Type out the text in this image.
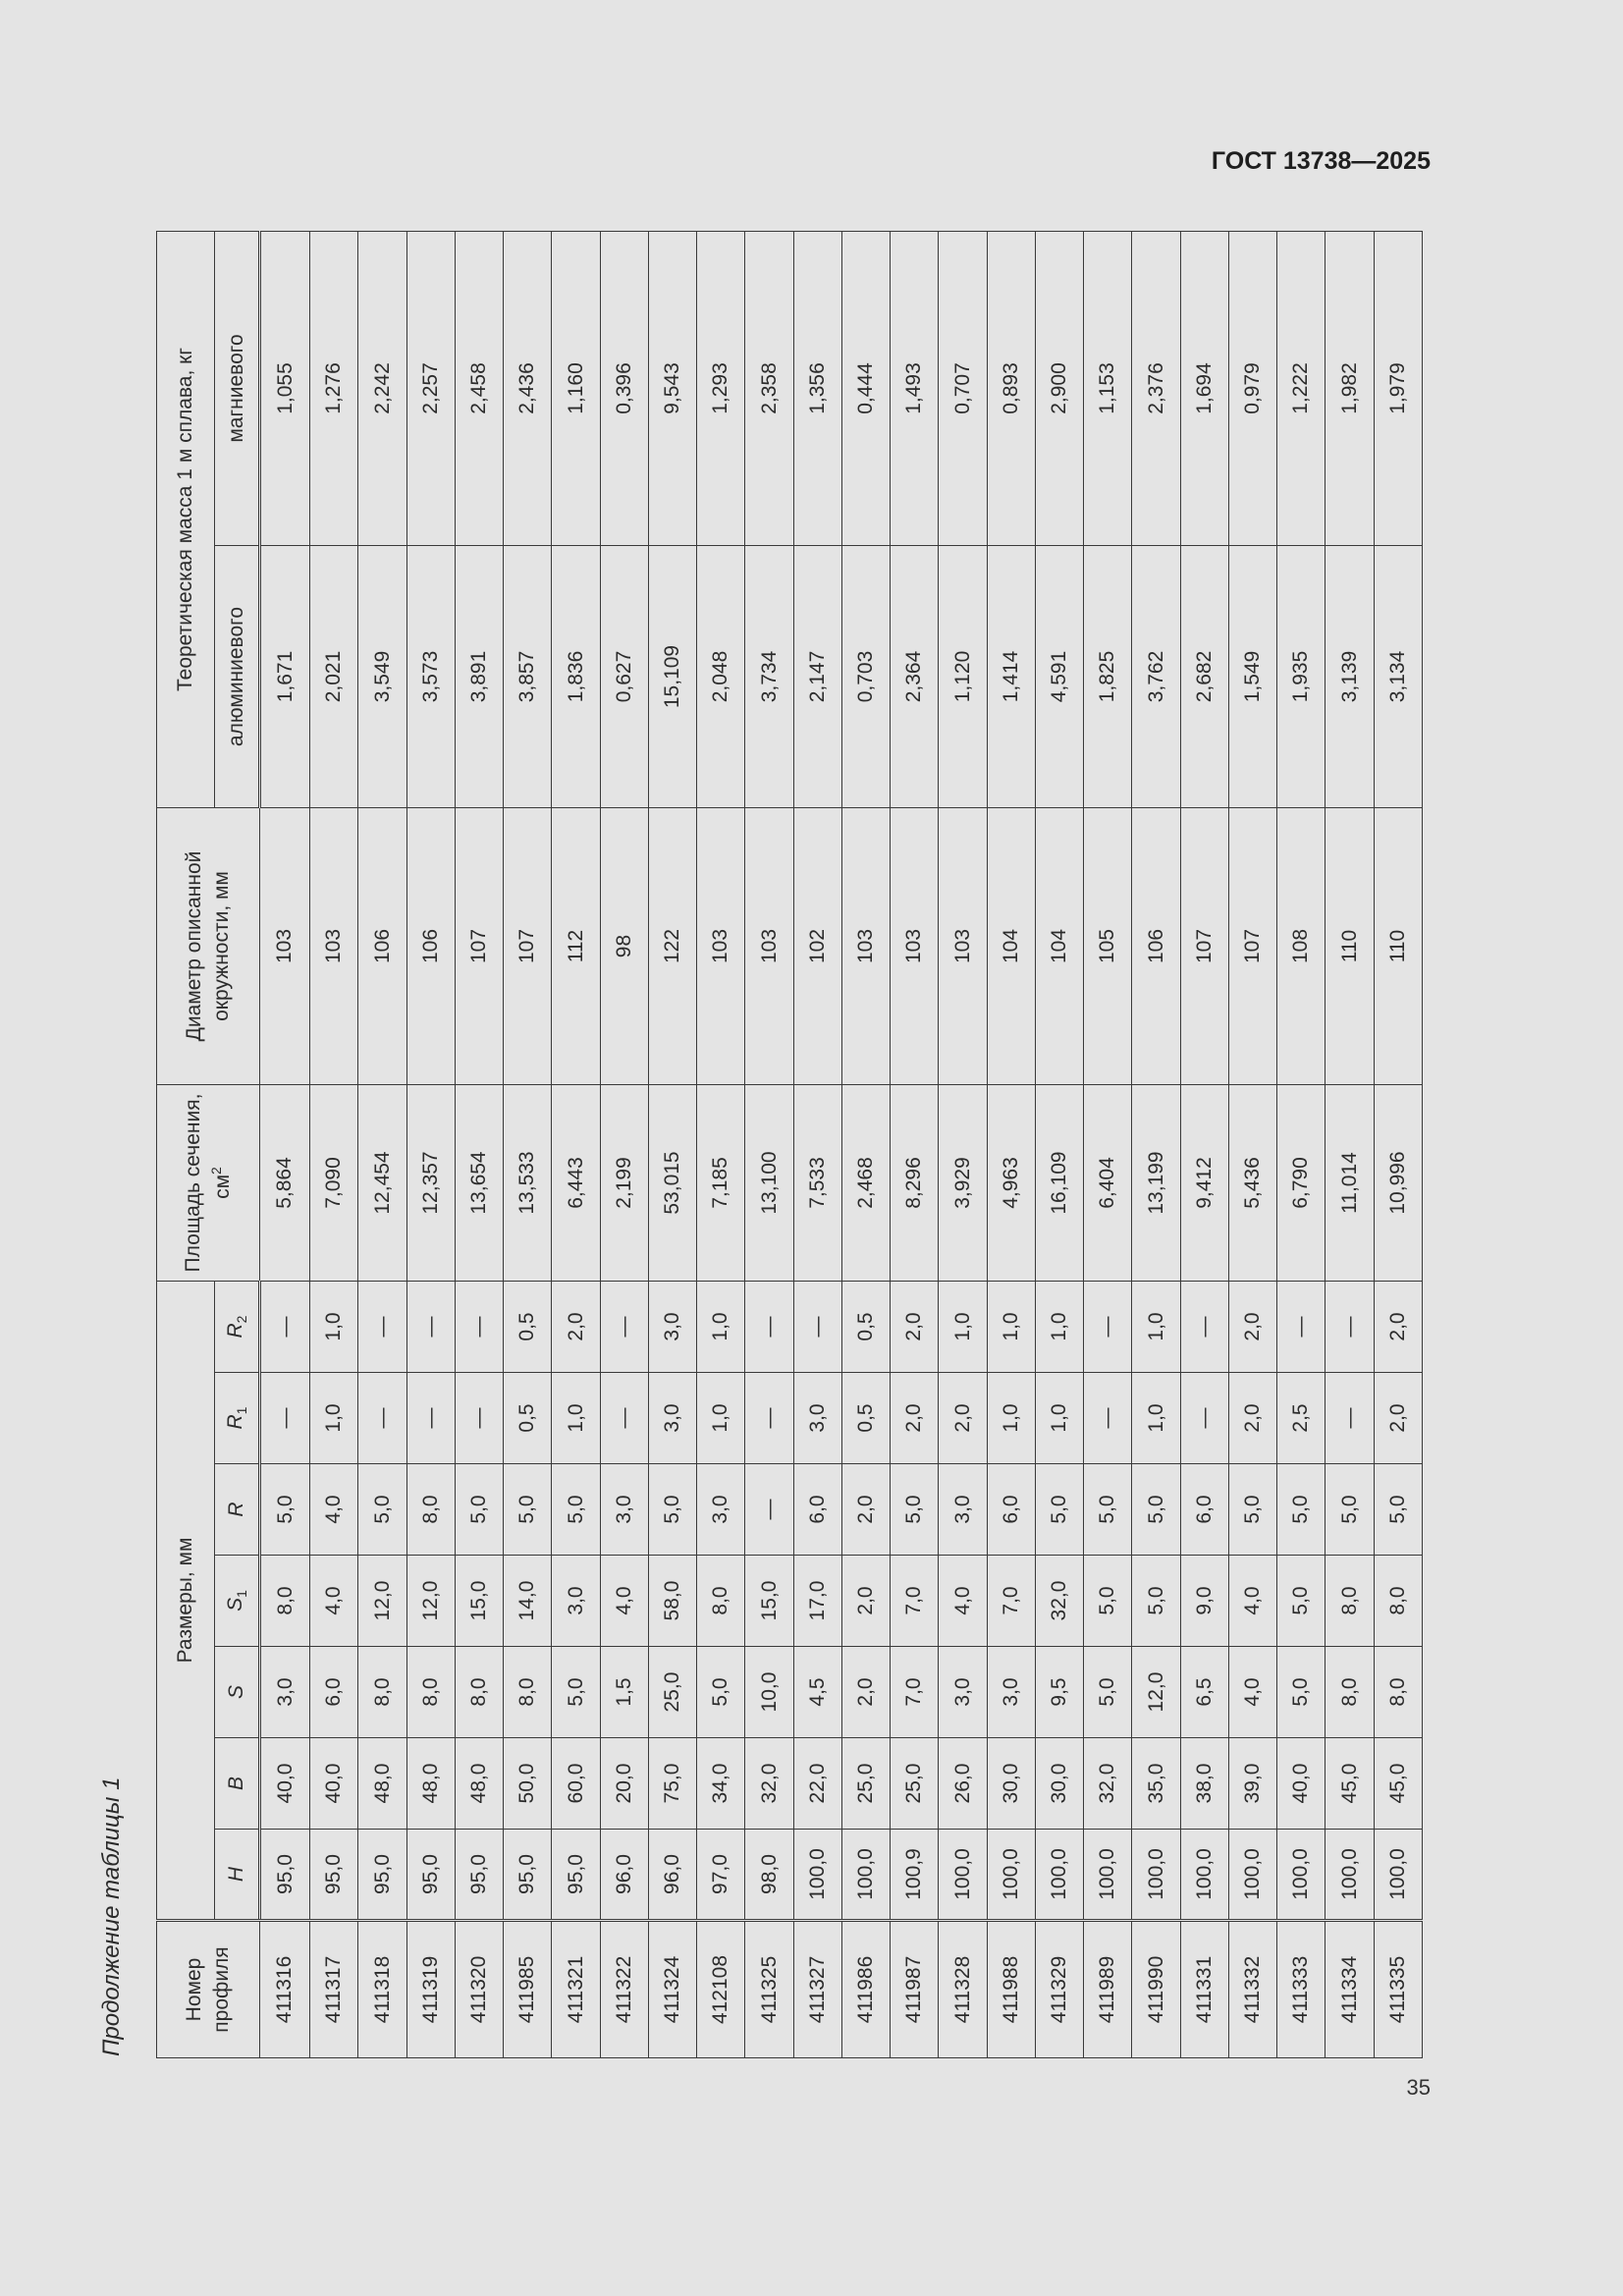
ГОСТ 13738—2025
Продолжение таблицы 1	Номер профиля	Размеры, мм							Площадь сечения, $см^2$	Диаметр описанной окружности, мм	Теоретическая масса 1 м сплава, кг	
	H	B	S	$S_1$	R	$R_1$	$R_2$			алюминиевого	магниевого
411316	95,0	40,0	3,0	8,0	5,0	—	—	5,864	103	1,671	1,055
411317	95,0	40,0	6,0	4,0	4,0	1,0	1,0	7,090	103	2,021	1,276
411318	95,0	48,0	8,0	12,0	5,0	—	—	12,454	106	3,549	2,242
411319	95,0	48,0	8,0	12,0	8,0	—	—	12,357	106	3,573	2,257
411320	95,0	48,0	8,0	15,0	5,0	—	—	13,654	107	3,891	2,458
411985	95,0	50,0	8,0	14,0	5,0	0,5	0,5	13,533	107	3,857	2,436
411321	95,0	60,0	5,0	3,0	5,0	1,0	2,0	6,443	112	1,836	1,160
411322	96,0	20,0	1,5	4,0	3,0	—	—	2,199	98	0,627	0,396
411324	96,0	75,0	25,0	58,0	5,0	3,0	3,0	53,015	122	15,109	9,543
412108	97,0	34,0	5,0	8,0	3,0	1,0	1,0	7,185	103	2,048	1,293
411325	98,0	32,0	10,0	15,0	—	—	—	13,100	103	3,734	2,358
411327	100,0	22,0	4,5	17,0	6,0	3,0	—	7,533	102	2,147	1,356
411986	100,0	25,0	2,0	2,0	2,0	0,5	0,5	2,468	103	0,703	0,444
411987	100,9	25,0	7,0	7,0	5,0	2,0	2,0	8,296	103	2,364	1,493
411328	100,0	26,0	3,0	4,0	3,0	2,0	1,0	3,929	103	1,120	0,707
411988	100,0	30,0	3,0	7,0	6,0	1,0	1,0	4,963	104	1,414	0,893
411329	100,0	30,0	9,5	32,0	5,0	1,0	1,0	16,109	104	4,591	2,900
411989	100,0	32,0	5,0	5,0	5,0	—	—	6,404	105	1,825	1,153
411990	100,0	35,0	12,0	5,0	5,0	1,0	1,0	13,199	106	3,762	2,376
411331	100,0	38,0	6,5	9,0	6,0	—	—	9,412	107	2,682	1,694
411332	100,0	39,0	4,0	4,0	5,0	2,0	2,0	5,436	107	1,549	0,979
411333	100,0	40,0	5,0	5,0	5,0	2,5	—	6,790	108	1,935	1,222
411334	100,0	45,0	8,0	8,0	5,0	—	—	11,014	110	3,139	1,982
411335	100,0	45,0	8,0	8,0	5,0	2,0	2,0	10,996	110	3,134	1,979
35
